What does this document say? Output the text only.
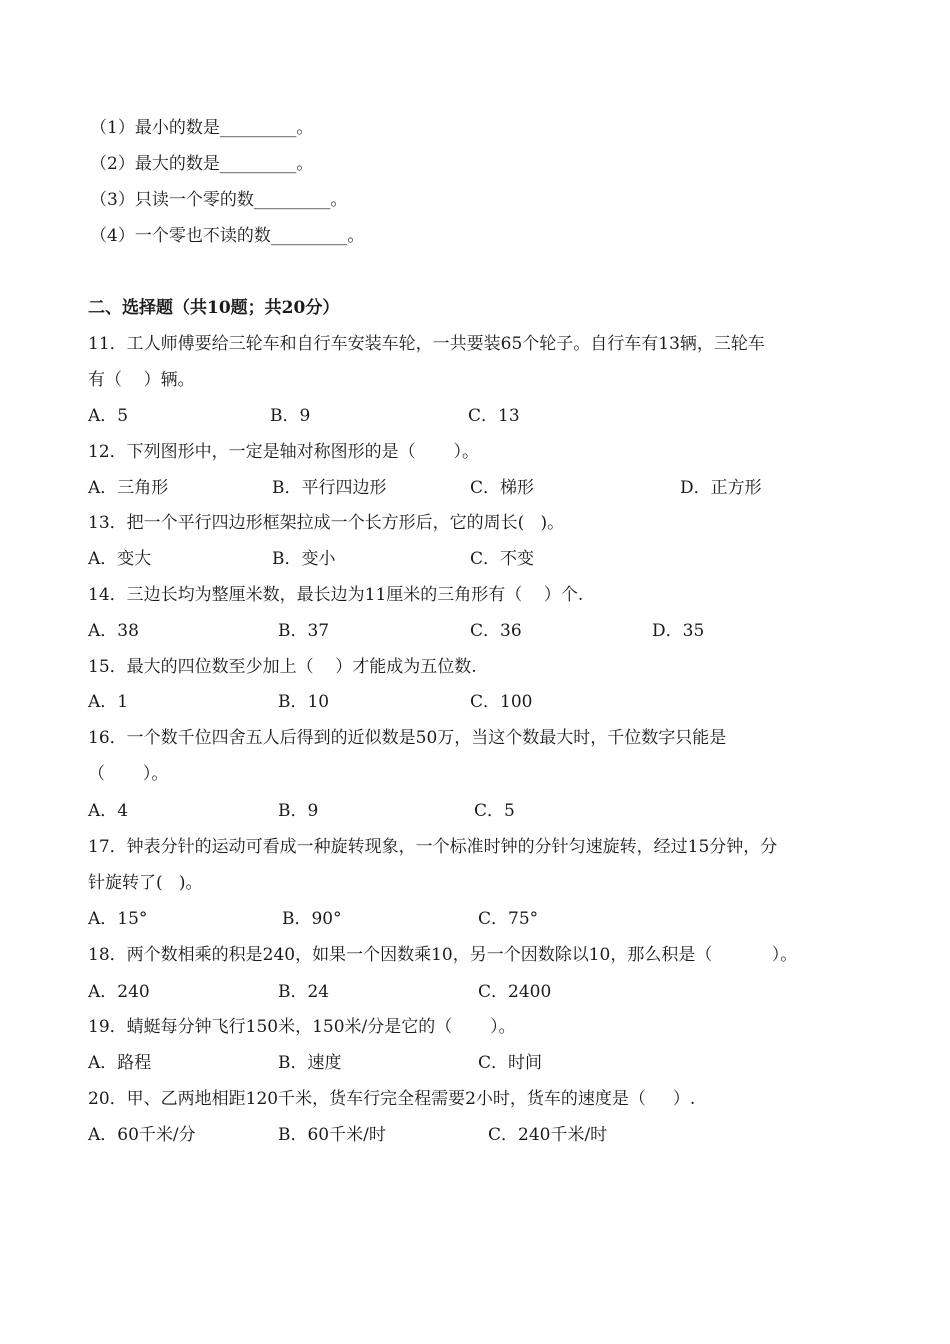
（1）最小的数是_________。
（2）最大的数是_________。
（3）只读一个零的数_________。
（4）一个零也不读的数_________。
二、选择题（共10题；共20分）
11．工人师傅要给三轮车和自行车安装车轮，一共要装65个轮子。自行车有13辆，三轮车
有（    ）辆。
A．5	B．9	C．13
12．下列图形中，一定是轴对称图形的是（       ）。
A．三角形	B．平行四边形	C．梯形	D．正方形
13．把一个平行四边形框架拉成一个长方形后，它的周长(   )。
A．变大	B．变小	C．不变
14．三边长均为整厘米数，最长边为11厘米的三角形有（    ）个.
A．38	B．37	C．36	D．35
15．最大的四位数至少加上（    ）才能成为五位数.
A．1	B．10	C．100
16．一个数千位四舍五人后得到的近似数是50万，当这个数最大时，千位数字只能是
（       ）。
A．4	B．9	C．5
17．钟表分针的运动可看成一种旋转现象，一个标准时钟的分针匀速旋转，经过15分钟，分
针旋转了(   )。
A．15°	B．90°	C．75°
18．两个数相乘的积是240，如果一个因数乘10，另一个因数除以10，那么积是（           ）。
A．240	B．24	C．2400
19．蜻蜓每分钟飞行150米，150米/分是它的（       ）。
A．路程	B．速度	C．时间
20．甲、乙两地相距120千米，货车行完全程需要2小时，货车的速度是（     ）.
A．60千米/分	B．60千米/时	C．240千米/时
